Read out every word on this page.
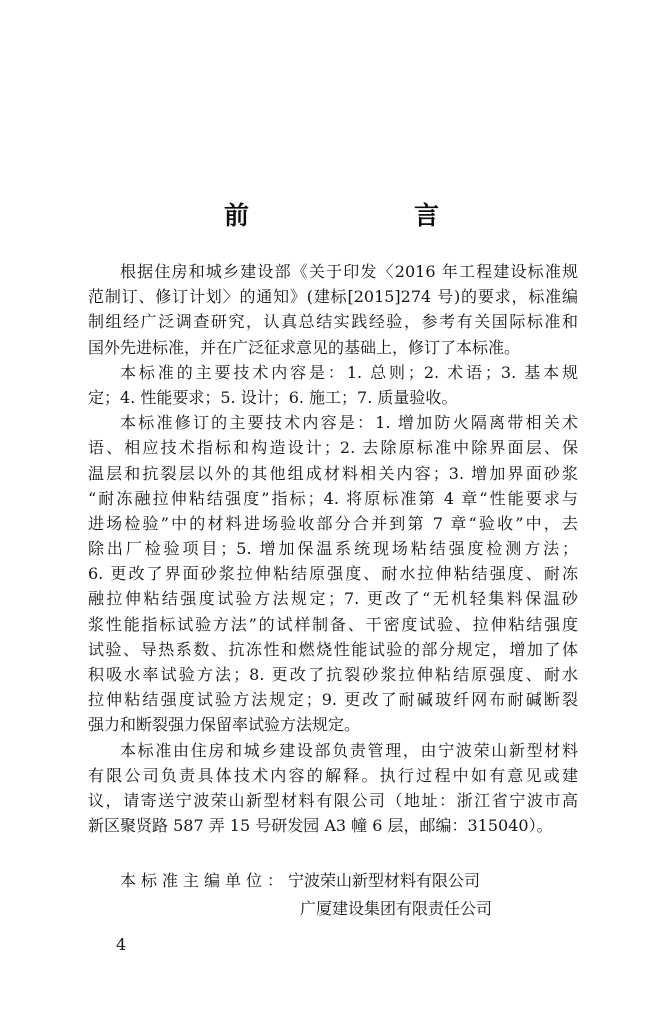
前　言
根据住房和城乡建设部《关于印发〈2016 年工程建设标准规
范制订、修订计划〉的通知》(建标[2015]274 号)的要求，标准编
制组经广泛调查研究，认真总结实践经验，参考有关国际标准和
国外先进标准，并在广泛征求意见的基础上，修订了本标准。
本标准的主要技术内容是：1. 总则；2. 术语；3. 基本规
定；4. 性能要求；5. 设计；6. 施工；7. 质量验收。
本标准修订的主要技术内容是：1. 增加防火隔离带相关术
语、相应技术指标和构造设计；2. 去除原标准中除界面层、保
温层和抗裂层以外的其他组成材料相关内容；3. 增加界面砂浆
“耐冻融拉伸粘结强度”指标；4. 将原标准第 4 章“性能要求与
进场检验”中的材料进场验收部分合并到第 7 章“验收”中，去
除出厂检验项目；5. 增加保温系统现场粘结强度检测方法；
6. 更改了界面砂浆拉伸粘结原强度、耐水拉伸粘结强度、耐冻
融拉伸粘结强度试验方法规定；7. 更改了“无机轻集料保温砂
浆性能指标试验方法”的试样制备、干密度试验、拉伸粘结强度
试验、导热系数、抗冻性和燃烧性能试验的部分规定，增加了体
积吸水率试验方法；8. 更改了抗裂砂浆拉伸粘结原强度、耐水
拉伸粘结强度试验方法规定；9. 更改了耐碱玻纤网布耐碱断裂
强力和断裂强力保留率试验方法规定。
本标准由住房和城乡建设部负责管理，由宁波荣山新型材料
有限公司负责具体技术内容的解释。执行过程中如有意见或建
议，请寄送宁波荣山新型材料有限公司（地址：浙江省宁波市高
新区聚贤路 587 弄 15 号研发园 A3 幢 6 层，邮编：315040）。
本标准主编单位：宁波荣山新型材料有限公司
广厦建设集团有限责任公司
4
